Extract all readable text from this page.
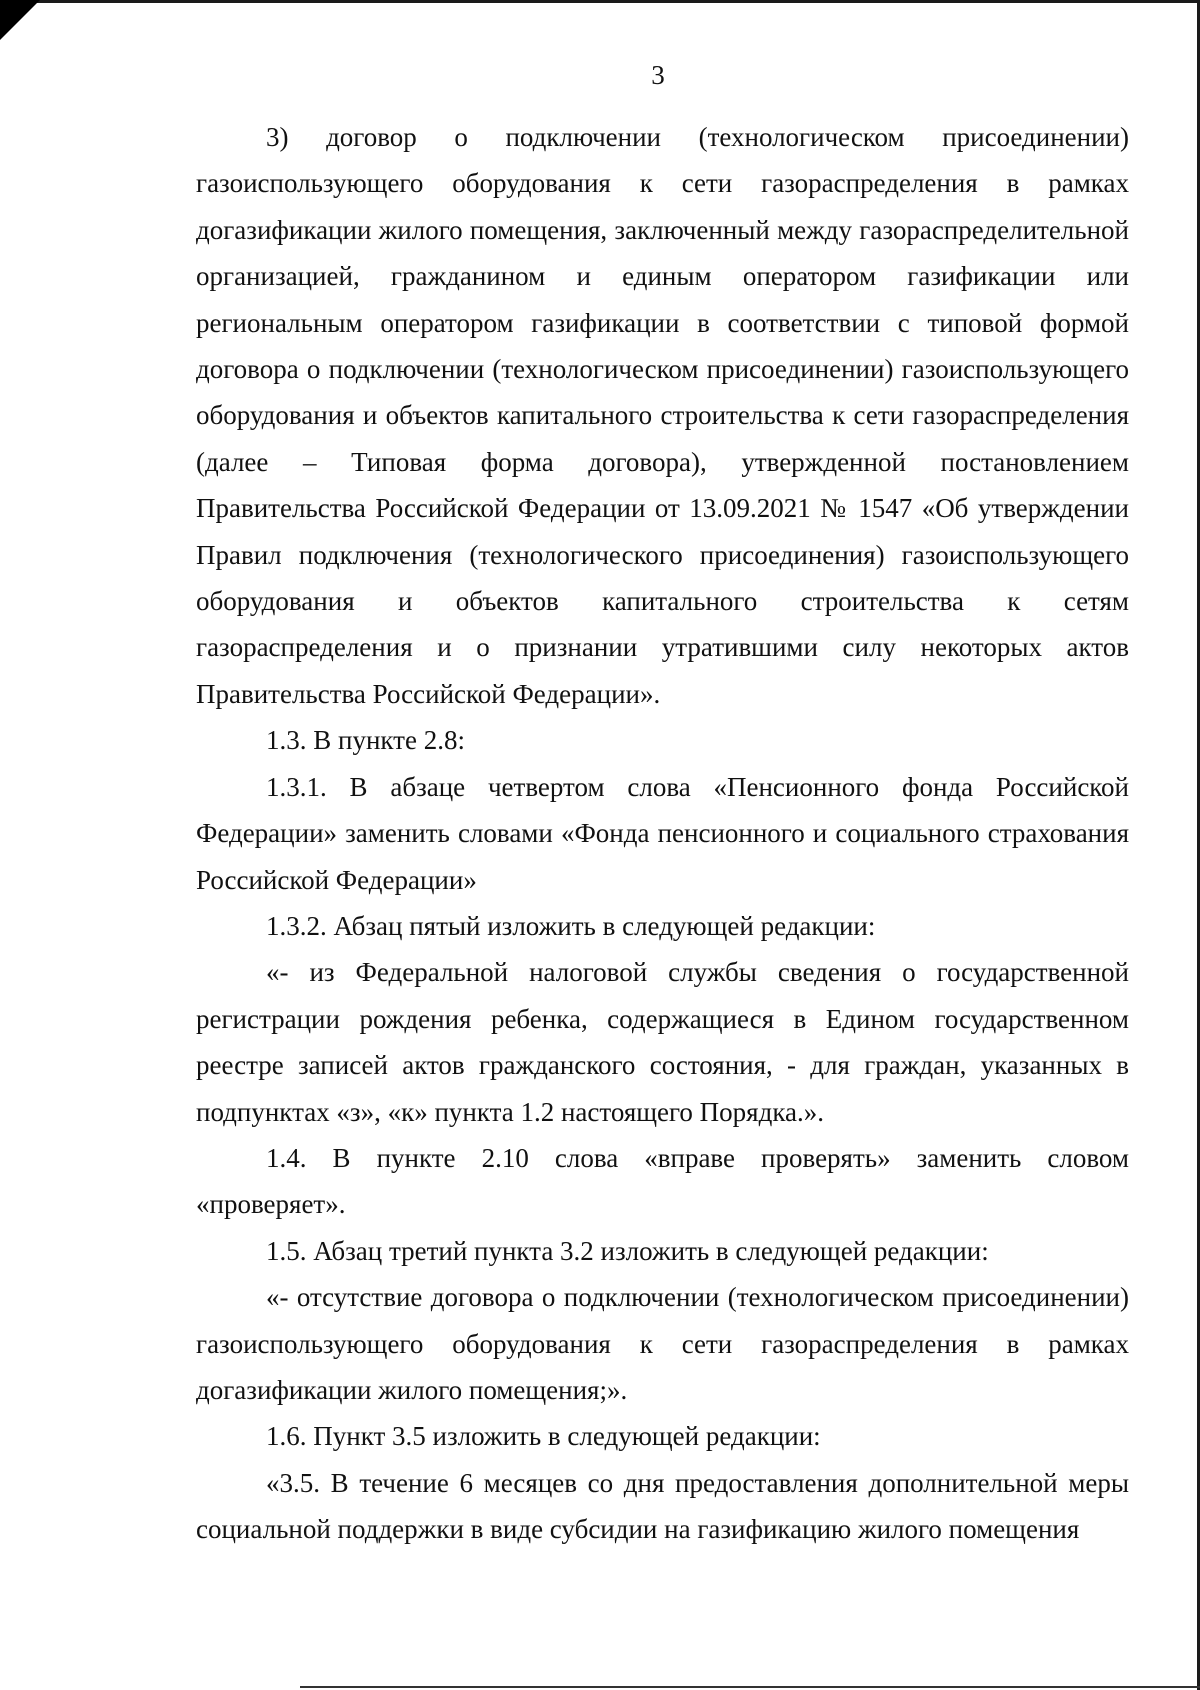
3

3) договор о подключении (технологическом присоединении) газоиспользующего оборудования к сети газораспределения в рамках догазификации жилого помещения, заключенный между газораспределительной организацией, гражданином и единым оператором газификации или региональным оператором газификации в соответствии с типовой формой договора о подключении (технологическом присоединении) газоиспользующего оборудования и объектов капитального строительства к сети газораспределения (далее – Типовая форма договора), утвержденной постановлением Правительства Российской Федерации от 13.09.2021 № 1547 «Об утверждении Правил подключения (технологического присоединения) газоиспользующего оборудования и объектов капитального строительства к сетям газораспределения и о признании утратившими силу некоторых актов Правительства Российской Федерации».

1.3. В пункте 2.8:

1.3.1. В абзаце четвертом слова «Пенсионного фонда Российской Федерации» заменить словами «Фонда пенсионного и социального страхования Российской Федерации»

1.3.2. Абзац пятый изложить в следующей редакции:

«- из Федеральной налоговой службы сведения о государственной регистрации рождения ребенка, содержащиеся в Едином государственном реестре записей актов гражданского состояния, - для граждан, указанных в подпунктах «з», «к» пункта 1.2 настоящего Порядка.».

1.4. В пункте 2.10 слова «вправе проверять» заменить словом «проверяет».

1.5. Абзац третий пункта 3.2 изложить в следующей редакции:

«- отсутствие договора о подключении (технологическом присоединении) газоиспользующего оборудования к сети газораспределения в рамках догазификации жилого помещения;».

1.6. Пункт 3.5 изложить в следующей редакции:

«3.5. В течение 6 месяцев со дня предоставления дополнительной меры социальной поддержки в виде субсидии на газификацию жилого помещения
